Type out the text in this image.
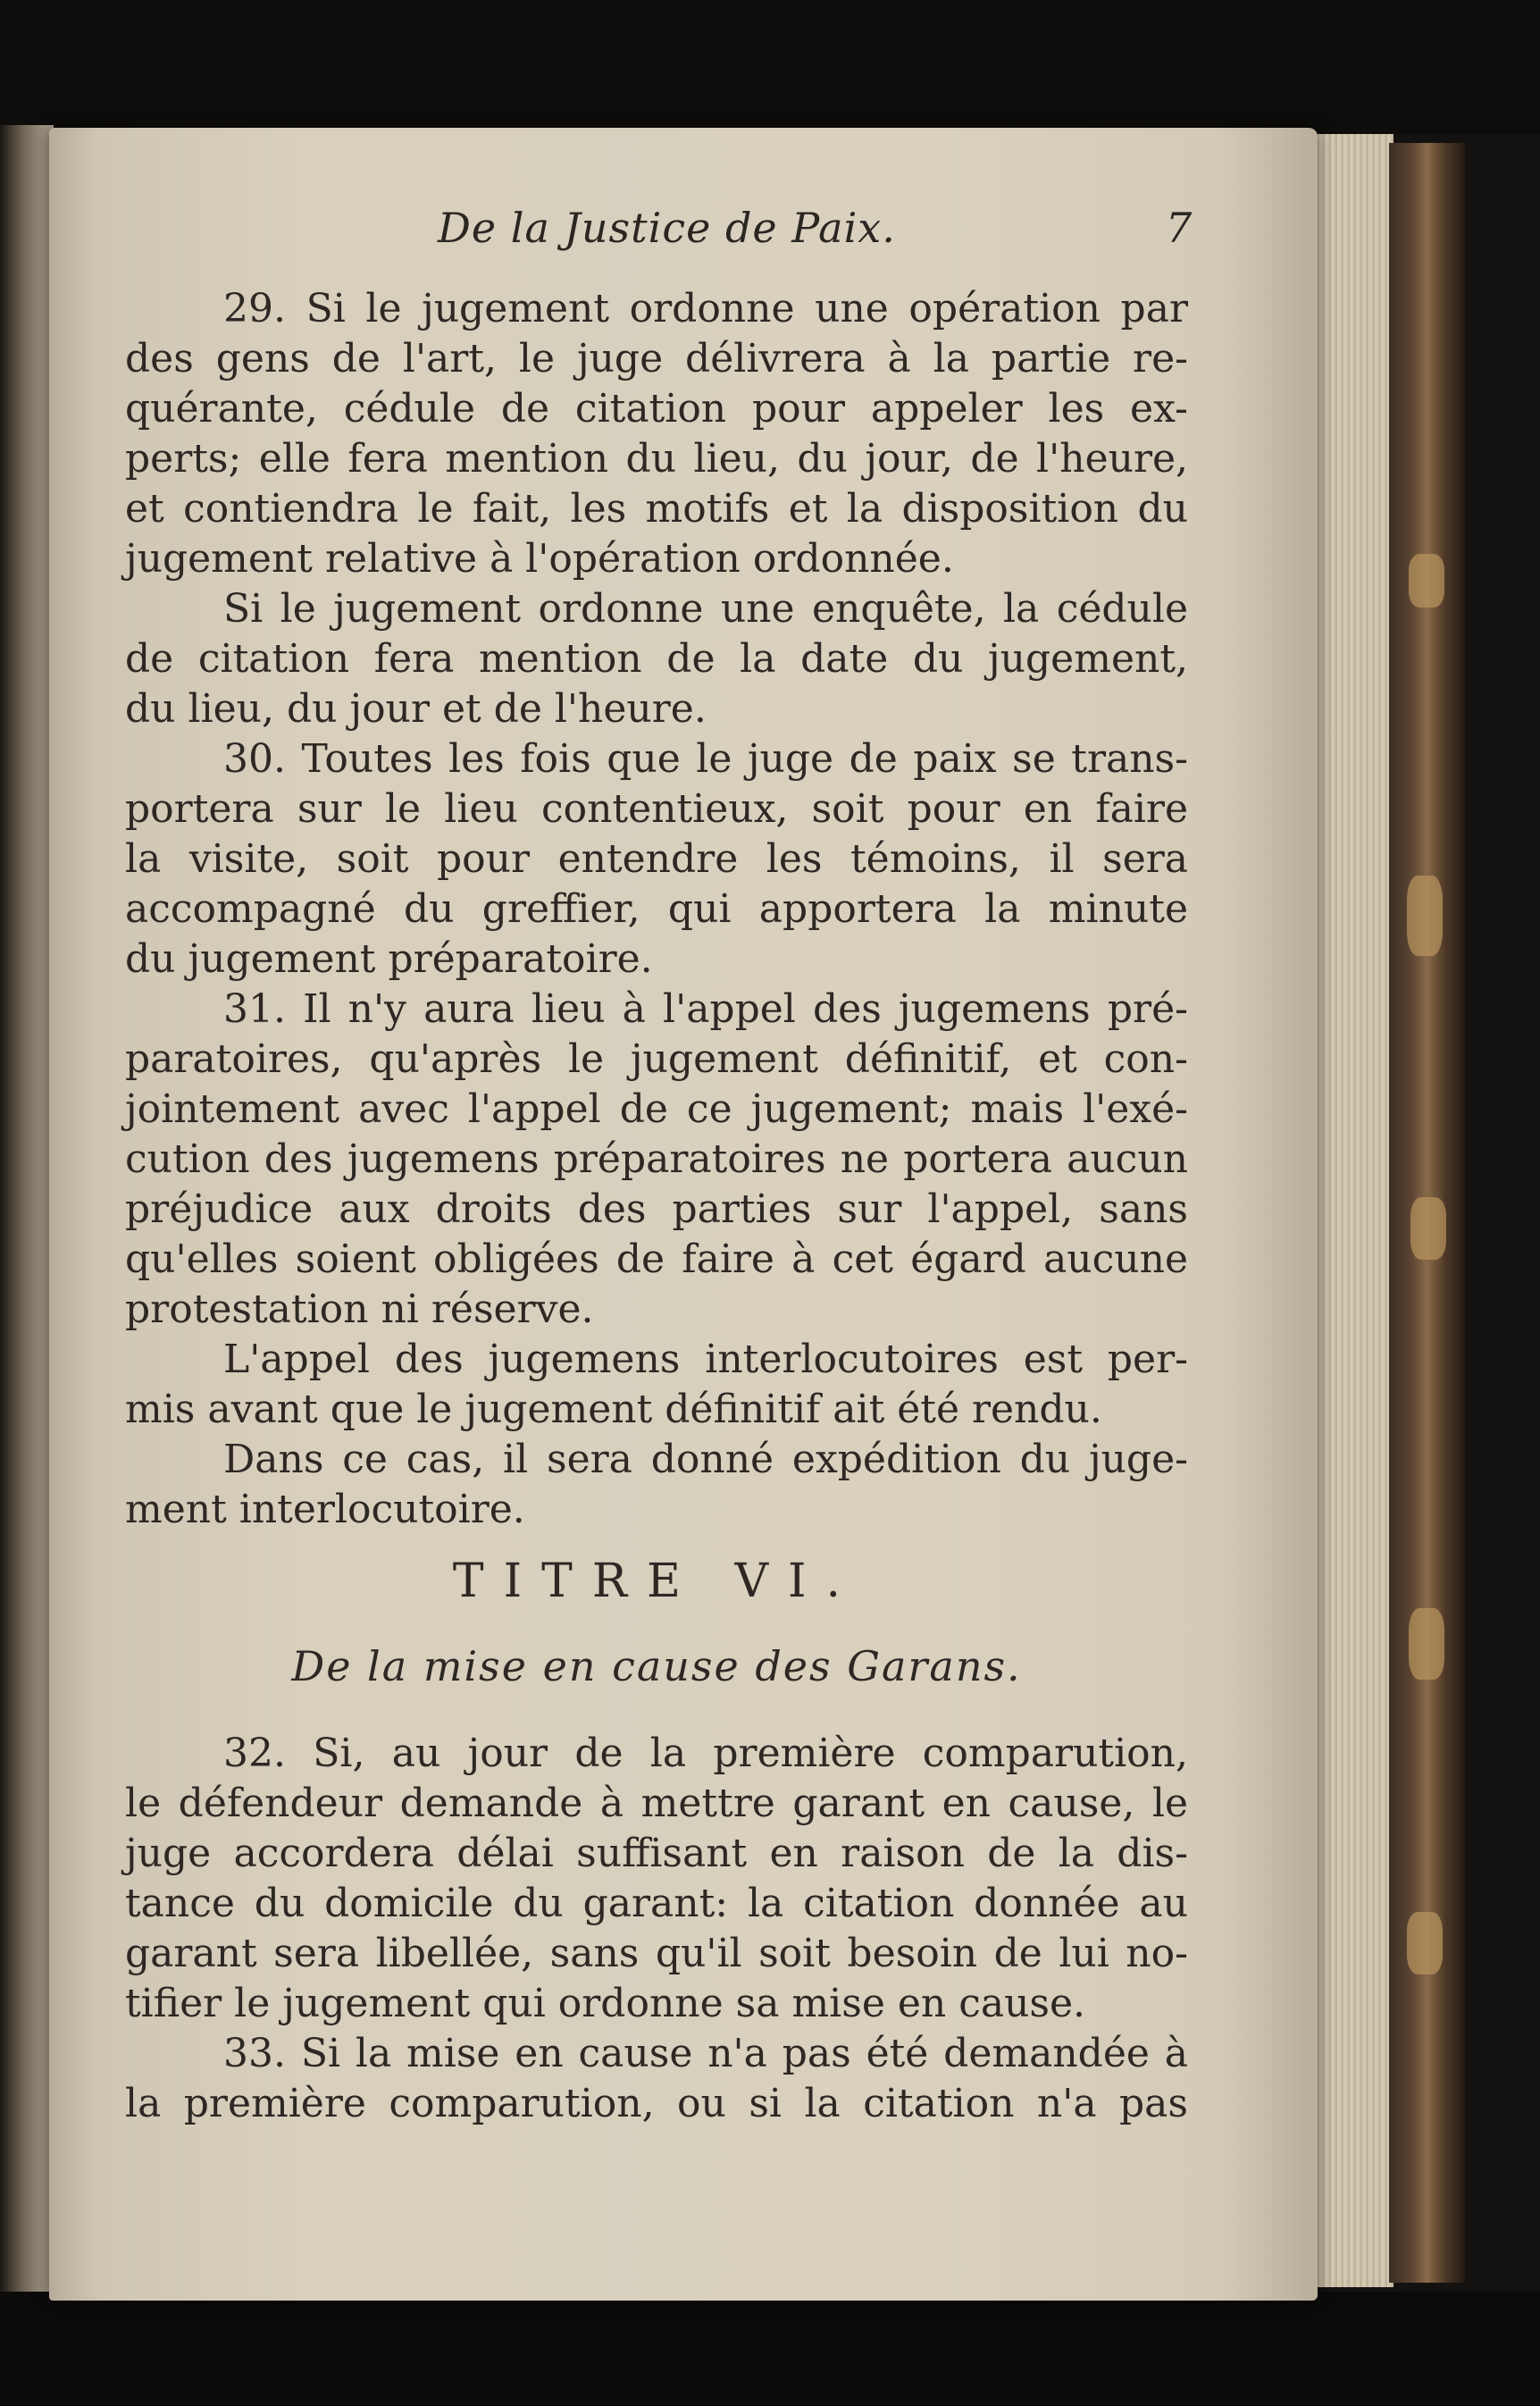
De la Justice de Paix.	7
29. Si le jugement ordonne une opération par
des gens de l'art, le juge délivrera à la partie re-
quérante, cédule de citation pour appeler les ex-
perts; elle fera mention du lieu, du jour, de l'heure,
et contiendra le fait, les motifs et la disposition du
jugement relative à l'opération ordonnée.
Si le jugement ordonne une enquête, la cédule
de citation fera mention de la date du jugement,
du lieu, du jour et de l'heure.
30. Toutes les fois que le juge de paix se trans-
portera sur le lieu contentieux, soit pour en faire
la visite, soit pour entendre les témoins, il sera
accompagné du greffier, qui apportera la minute
du jugement préparatoire.
31. Il n'y aura lieu à l'appel des jugemens pré-
paratoires, qu'après le jugement définitif, et con-
jointement avec l'appel de ce jugement; mais l'exé-
cution des jugemens préparatoires ne portera aucun
préjudice aux droits des parties sur l'appel, sans
qu'elles soient obligées de faire à cet égard aucune
protestation ni réserve.
L'appel des jugemens interlocutoires est per-
mis avant que le jugement définitif ait été rendu.
Dans ce cas, il sera donné expédition du juge-
ment interlocutoire.
TITRE VI.
De la mise en cause des Garans.
32. Si, au jour de la première comparution,
le défendeur demande à mettre garant en cause, le
juge accordera délai suffisant en raison de la dis-
tance du domicile du garant: la citation donnée au
garant sera libellée, sans qu'il soit besoin de lui no-
tifier le jugement qui ordonne sa mise en cause.
33. Si la mise en cause n'a pas été demandée à
la première comparution, ou si la citation n'a pas
